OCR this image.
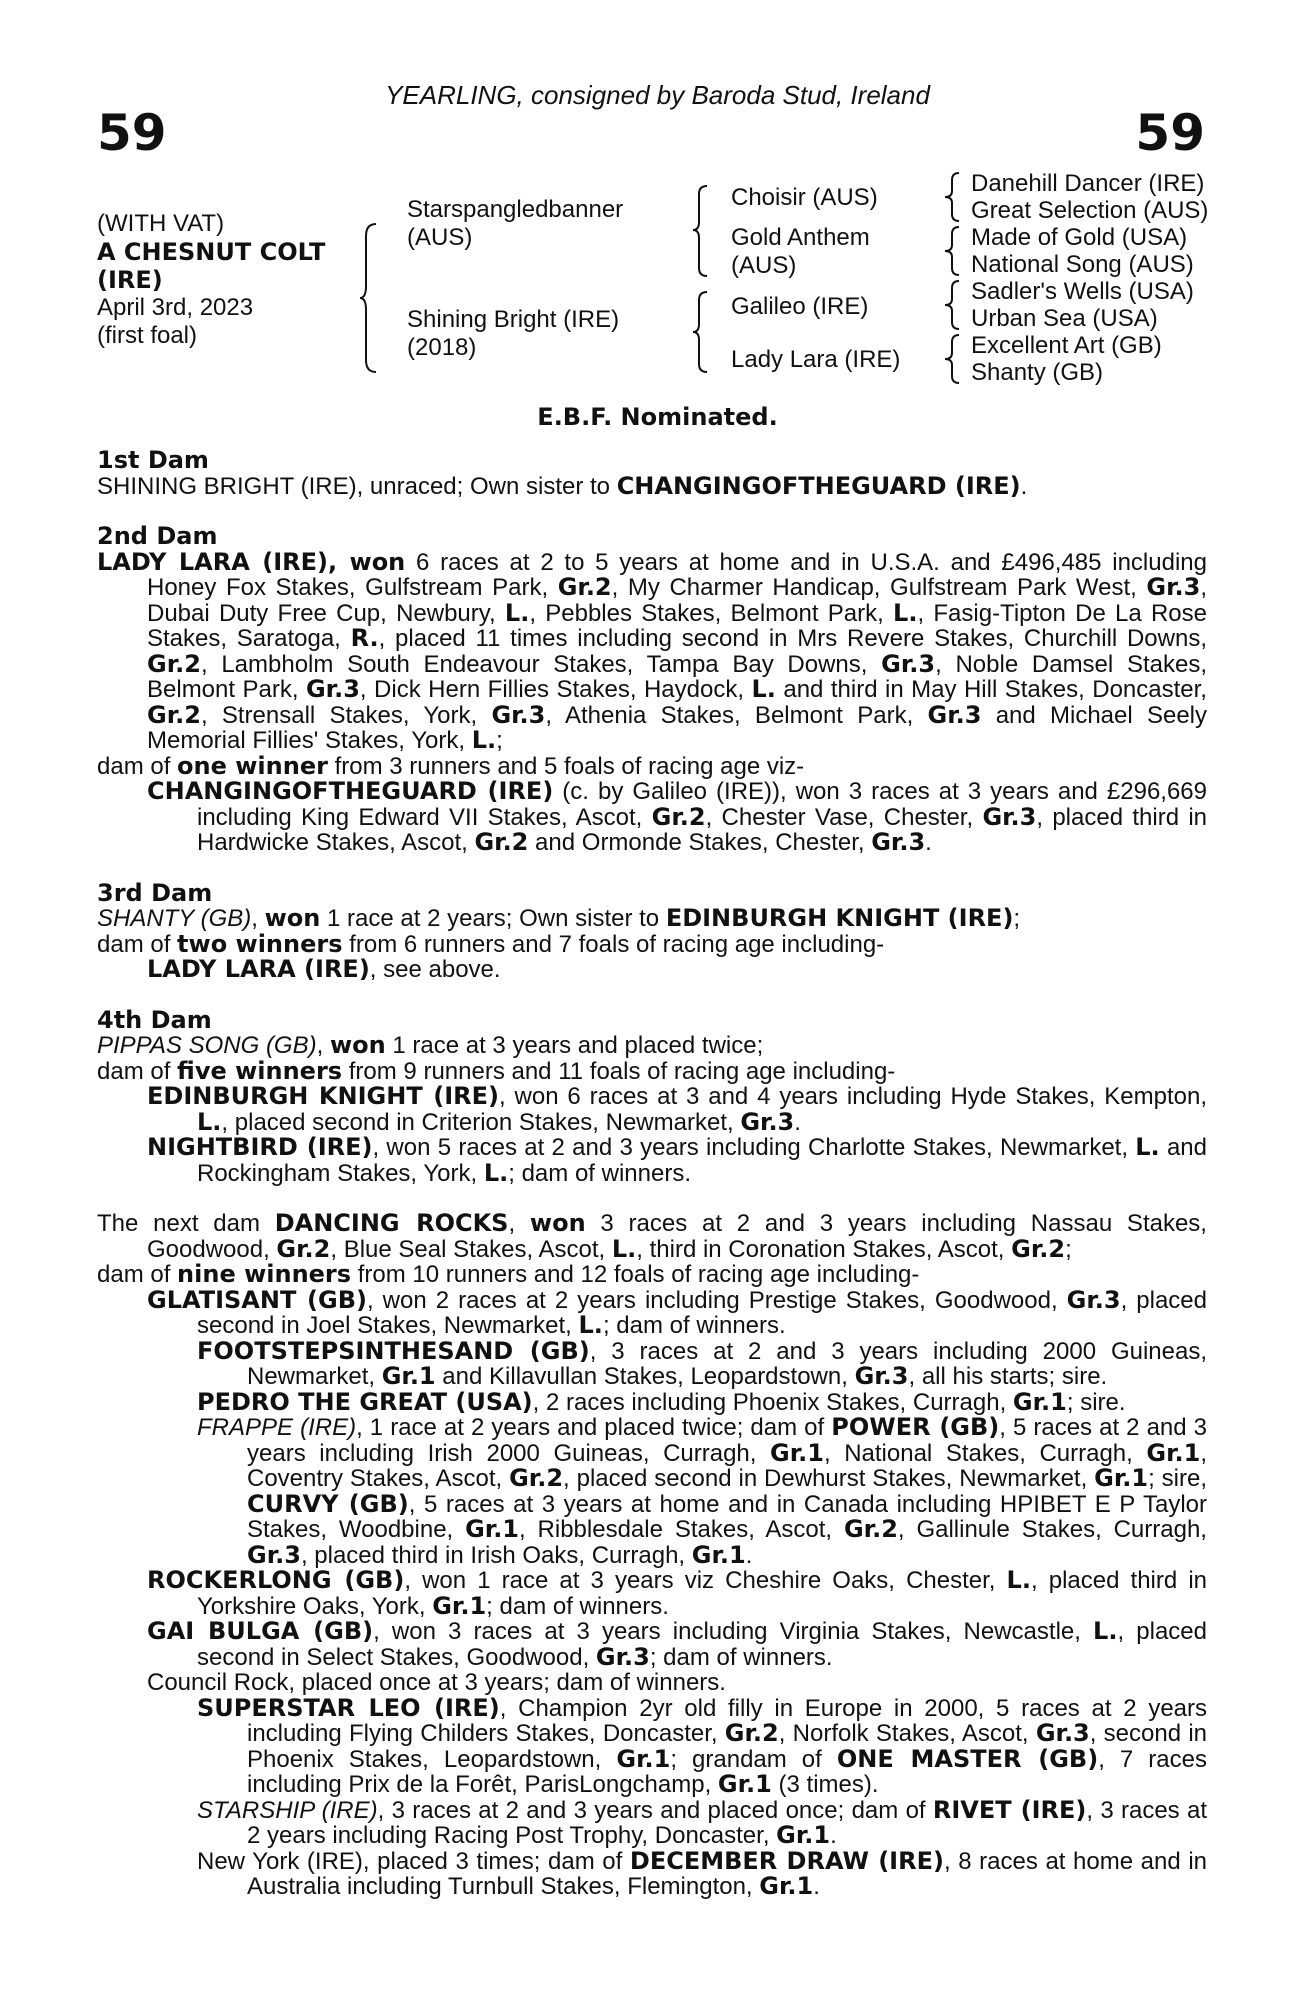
YEARLING, consigned by Baroda Stud, Ireland
59	59
(WITH VAT)
A CHESNUT COLT
(IRE)
April 3rd, 2023
(first foal)
Starspangledbanner
(AUS)
Shining Bright (IRE)
(2018)
Choisir (AUS)
Gold Anthem
(AUS)
Galileo (IRE)
Lady Lara (IRE)
Danehill Dancer (IRE)
Great Selection (AUS)
Made of Gold (USA)
National Song (AUS)
Sadler's Wells (USA)
Urban Sea (USA)
Excellent Art (GB)
Shanty (GB)
E.B.F. Nominated.
1st Dam
SHINING BRIGHT (IRE), unraced; Own sister to CHANGINGOFTHEGUARD (IRE).
2nd Dam
LADY LARA (IRE), won 6 races at 2 to 5 years at home and in U.S.A. and £496,485 including Honey Fox Stakes, Gulfstream Park, Gr.2, My Charmer Handicap, Gulfstream Park West, Gr.3, Dubai Duty Free Cup, Newbury, L., Pebbles Stakes, Belmont Park, L., Fasig-Tipton De La Rose Stakes, Saratoga, R., placed 11 times including second in Mrs Revere Stakes, Churchill Downs, Gr.2, Lambholm South Endeavour Stakes, Tampa Bay Downs, Gr.3, Noble Damsel Stakes, Belmont Park, Gr.3, Dick Hern Fillies Stakes, Haydock, L. and third in May Hill Stakes, Doncaster, Gr.2, Strensall Stakes, York, Gr.3, Athenia Stakes, Belmont Park, Gr.3 and Michael Seely Memorial Fillies' Stakes, York, L.;
dam of one winner from 3 runners and 5 foals of racing age viz-
CHANGINGOFTHEGUARD (IRE) (c. by Galileo (IRE)), won 3 races at 3 years and £296,669 including King Edward VII Stakes, Ascot, Gr.2, Chester Vase, Chester, Gr.3, placed third in Hardwicke Stakes, Ascot, Gr.2 and Ormonde Stakes, Chester, Gr.3.
3rd Dam
SHANTY (GB), won 1 race at 2 years; Own sister to EDINBURGH KNIGHT (IRE);
dam of two winners from 6 runners and 7 foals of racing age including-
LADY LARA (IRE), see above.
4th Dam
PIPPAS SONG (GB), won 1 race at 3 years and placed twice;
dam of five winners from 9 runners and 11 foals of racing age including-
EDINBURGH KNIGHT (IRE), won 6 races at 3 and 4 years including Hyde Stakes, Kempton, L., placed second in Criterion Stakes, Newmarket, Gr.3.
NIGHTBIRD (IRE), won 5 races at 2 and 3 years including Charlotte Stakes, Newmarket, L. and Rockingham Stakes, York, L.; dam of winners.
The next dam DANCING ROCKS, won 3 races at 2 and 3 years including Nassau Stakes, Goodwood, Gr.2, Blue Seal Stakes, Ascot, L., third in Coronation Stakes, Ascot, Gr.2;
dam of nine winners from 10 runners and 12 foals of racing age including-
GLATISANT (GB), won 2 races at 2 years including Prestige Stakes, Goodwood, Gr.3, placed second in Joel Stakes, Newmarket, L.; dam of winners.
FOOTSTEPSINTHESAND (GB), 3 races at 2 and 3 years including 2000 Guineas, Newmarket, Gr.1 and Killavullan Stakes, Leopardstown, Gr.3, all his starts; sire.
PEDRO THE GREAT (USA), 2 races including Phoenix Stakes, Curragh, Gr.1; sire.
FRAPPE (IRE), 1 race at 2 years and placed twice; dam of POWER (GB), 5 races at 2 and 3 years including Irish 2000 Guineas, Curragh, Gr.1, National Stakes, Curragh, Gr.1, Coventry Stakes, Ascot, Gr.2, placed second in Dewhurst Stakes, Newmarket, Gr.1; sire, CURVY (GB), 5 races at 3 years at home and in Canada including HPIBET E P Taylor Stakes, Woodbine, Gr.1, Ribblesdale Stakes, Ascot, Gr.2, Gallinule Stakes, Curragh, Gr.3, placed third in Irish Oaks, Curragh, Gr.1.
ROCKERLONG (GB), won 1 race at 3 years viz Cheshire Oaks, Chester, L., placed third in Yorkshire Oaks, York, Gr.1; dam of winners.
GAI BULGA (GB), won 3 races at 3 years including Virginia Stakes, Newcastle, L., placed second in Select Stakes, Goodwood, Gr.3; dam of winners.
Council Rock, placed once at 3 years; dam of winners.
SUPERSTAR LEO (IRE), Champion 2yr old filly in Europe in 2000, 5 races at 2 years including Flying Childers Stakes, Doncaster, Gr.2, Norfolk Stakes, Ascot, Gr.3, second in Phoenix Stakes, Leopardstown, Gr.1; grandam of ONE MASTER (GB), 7 races including Prix de la Forêt, ParisLongchamp, Gr.1 (3 times).
STARSHIP (IRE), 3 races at 2 and 3 years and placed once; dam of RIVET (IRE), 3 races at 2 years including Racing Post Trophy, Doncaster, Gr.1.
New York (IRE), placed 3 times; dam of DECEMBER DRAW (IRE), 8 races at home and in Australia including Turnbull Stakes, Flemington, Gr.1.
